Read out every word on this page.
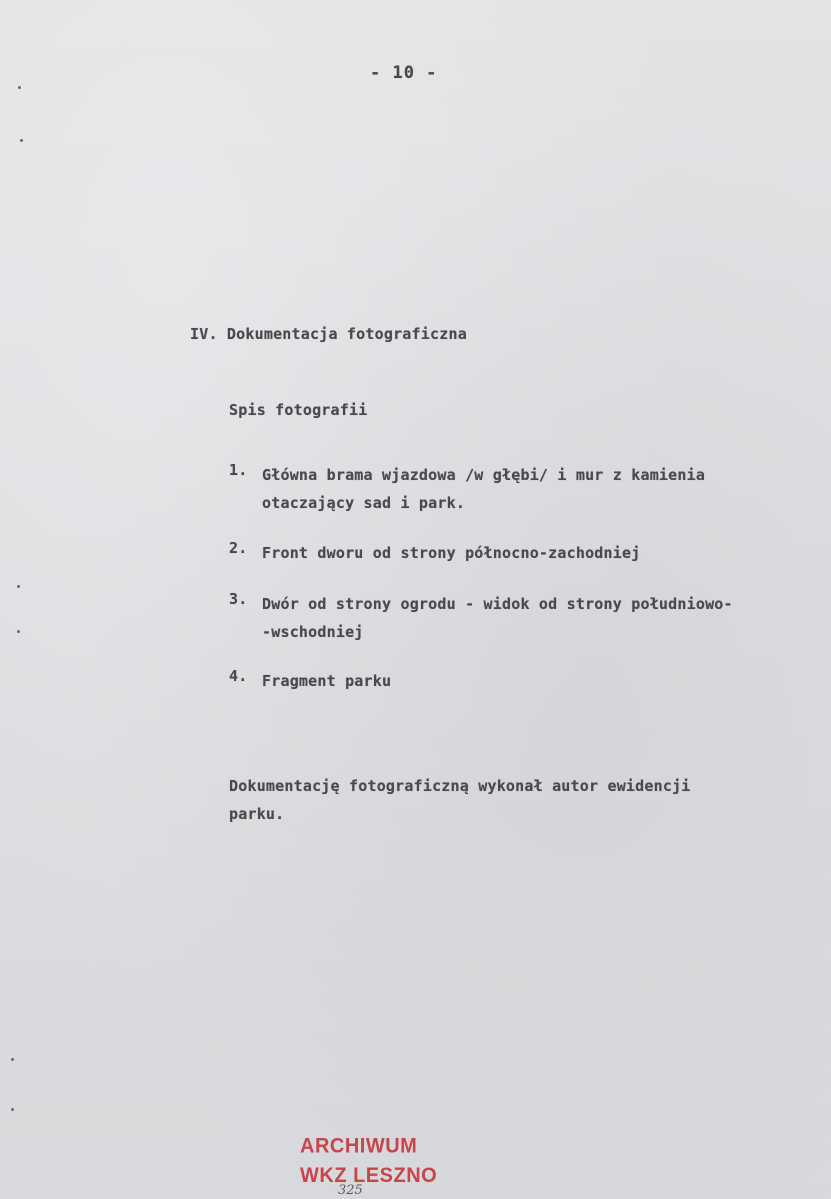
- 10 -
IV. Dokumentacja fotograficzna
Spis fotografii
1. Główna brama wjazdowa /w głębi/ i mur z kamienia
otaczający sad i park.
2. Front dworu od strony północno-zachodniej
3. Dwór od strony ogrodu - widok od strony południowo-
-wschodniej
4. Fragment parku
Dokumentację fotograficzną wykonał autor ewidencji
parku.
ARCHIWUM
WKZ LESZNO
325
